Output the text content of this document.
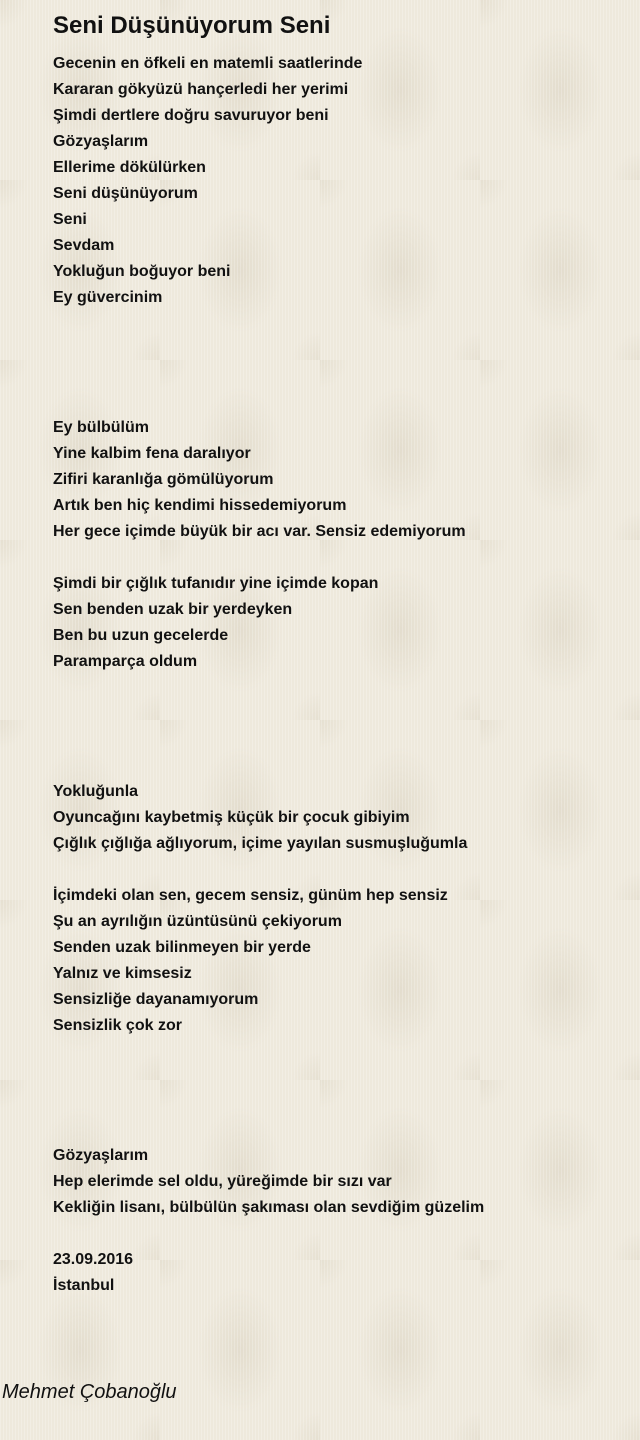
Seni Düşünüyorum Seni
Gecenin en öfkeli en matemli saatlerinde
Kararan gökyüzü hançerledi her yerimi
Şimdi dertlere doğru savuruyor beni
Gözyaşlarım
Ellerime dökülürken
Seni düşünüyorum
Seni
Sevdam
Yokluğun boğuyor beni
Ey güvercinim
Ey bülbülüm
Yine kalbim fena daralıyor
Zifiri karanlığa gömülüyorum
Artık ben hiç kendimi hissedemiyorum
Her gece içimde büyük bir acı var. Sensiz edemiyorum
Şimdi bir çığlık tufanıdır yine içimde kopan
Sen benden uzak bir yerdeyken
Ben bu uzun gecelerde
Paramparça oldum
Yokluğunla
Oyuncağını kaybetmiş küçük bir çocuk gibiyim
Çığlık çığlığa ağlıyorum, içime yayılan susmuşluğumla
İçimdeki olan sen, gecem sensiz, günüm hep sensiz
Şu an ayrılığın üzüntüsünü çekiyorum
Senden uzak bilinmeyen bir yerde
Yalnız ve kimsesiz
Sensizliğe dayanamıyorum
Sensizlik çok zor
Gözyaşlarım
Hep elerimde sel oldu, yüreğimde bir sızı var
Kekliğin lisanı, bülbülün şakıması olan sevdiğim güzelim
23.09.2016
İstanbul
Mehmet Çobanoğlu
